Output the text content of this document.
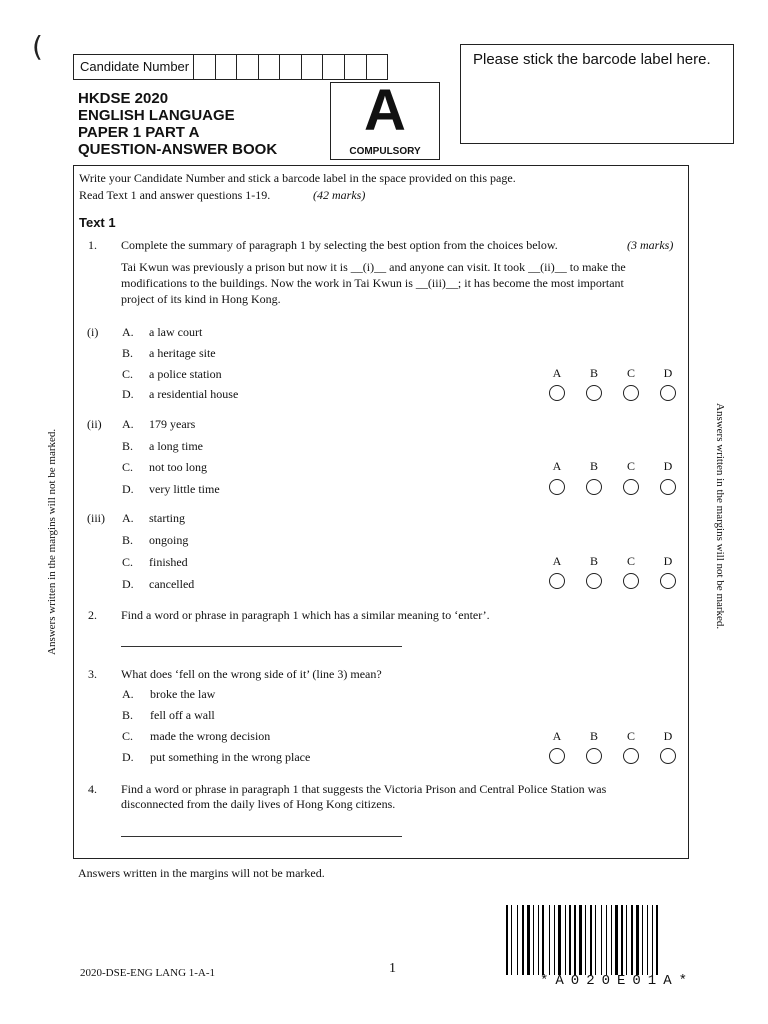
(
Candidate Number	Please stick the barcode label here.
HKDSE 2020
ENGLISH LANGUAGE
PAPER 1 PART A
QUESTION-ANSWER BOOK
A
COMPULSORY
Write your Candidate Number and stick a barcode label in the space provided on this page.
Read Text 1 and answer questions 1-19.	(42 marks)
Text 1
1. Complete the summary of paragraph 1 by selecting the best option from the choices below.	(3 marks)
Tai Kwun was previously a prison but now it is __(i)__ and anyone can visit. It took __(ii)__ to make the
modifications to the buildings. Now the work in Tai Kwun is __(iii)__; it has become the most important
project of its kind in Hong Kong.
(i) A. a law court
B. a heritage site
C. a police station
D. a residential house
A	B	C	D
(ii) A. 179 years
B. a long time
C. not too long
D. very little time
A	B	C	D
(iii) A. starting
B. ongoing
C. finished
D. cancelled
A	B	C	D
2. Find a word or phrase in paragraph 1 which has a similar meaning to ‘enter’.
3. What does ‘fell on the wrong side of it’ (line 3) mean?
A. broke the law
B. fell off a wall
C. made the wrong decision
D. put something in the wrong place
A	B	C	D
4. Find a word or phrase in paragraph 1 that suggests the Victoria Prison and Central Police Station was
disconnected from the daily lives of Hong Kong citizens.
Answers written in the margins will not be marked.
Answers written in the margins will not be marked.	Answers written in the margins will not be marked.
2020-DSE-ENG LANG 1-A-1	1
*A020E01A*
